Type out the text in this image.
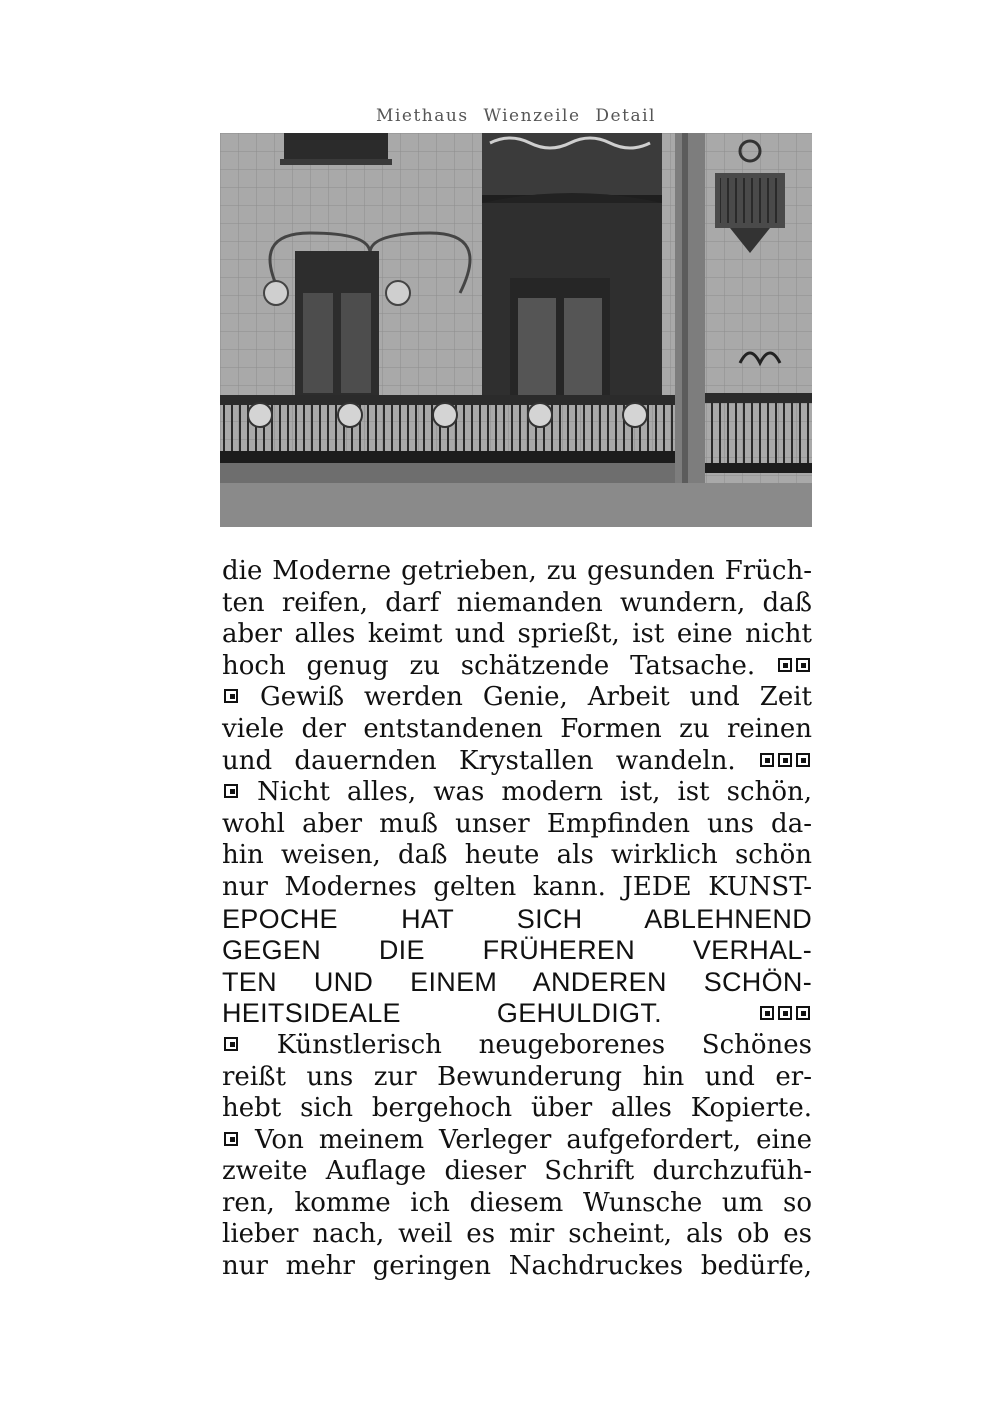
Miethaus Wienzeile Detail
die Moderne getrieben, zu gesunden Früch-
ten reifen, darf niemanden wundern, daß
aber alles keimt und sprießt, ist eine nicht
hoch genug zu schätzende Tatsache.
Gewiß werden Genie, Arbeit und Zeit
viele der entstandenen Formen zu reinen
und dauernden Krystallen wandeln.
Nicht alles, was modern ist, ist schön,
wohl aber muß unser Empfinden uns da-
hin weisen, daß heute als wirklich schön
nur Modernes gelten kann. JEDE KUNST-
EPOCHE HAT SICH ABLEHNEND
GEGEN DIE FRÜHEREN VERHAL-
TEN UND EINEM ANDEREN SCHÖN-
HEITSIDEALE GEHULDIGT.
Künstlerisch neugeborenes Schönes
reißt uns zur Bewunderung hin und er-
hebt sich bergehoch über alles Kopierte.
Von meinem Verleger aufgefordert, eine
zweite Auflage dieser Schrift durchzufüh-
ren, komme ich diesem Wunsche um so
lieber nach, weil es mir scheint, als ob es
nur mehr geringen Nachdruckes bedürfe,
